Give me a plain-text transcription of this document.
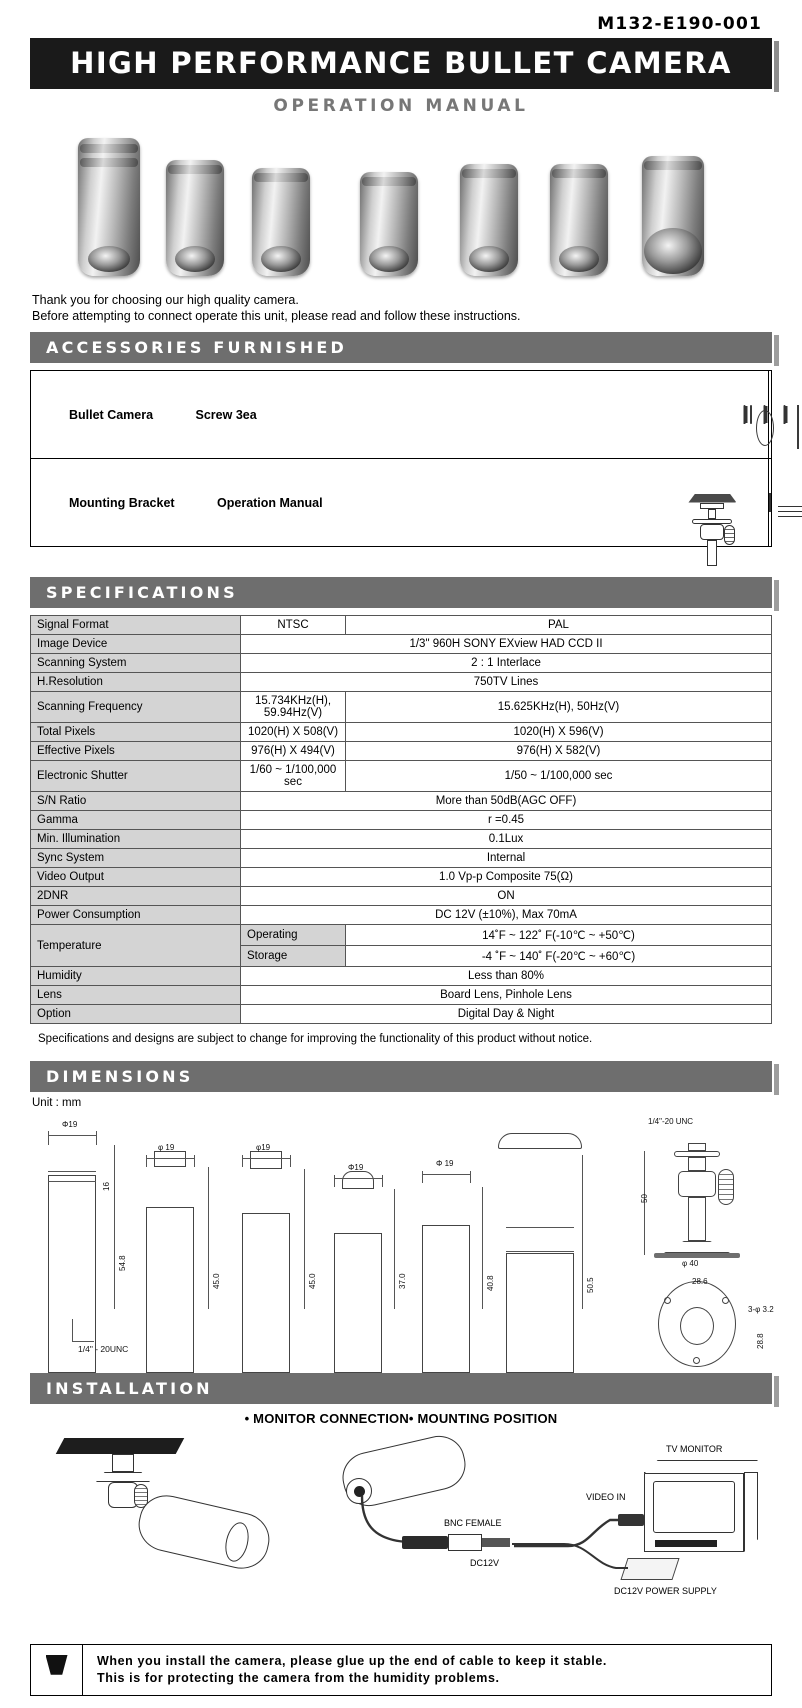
M132-E190-001
HIGH PERFORMANCE BULLET CAMERA
OPERATION MANUAL
Thank you for choosing our high quality camera.
Before attempting to connect operate this unit, please read and follow these instructions.
ACCESSORIES FURNISHED
Bullet Camera Screw 3ea

Mounting Bracket Operation Manual

SPECIFICATIONS
Signal Format	NTSC	PAL
Image Device	1/3" 960H SONY EXview HAD CCD II	
Scanning System	2 : 1 Interlace	
H.Resolution	750TV Lines	
Scanning Frequency	15.734KHz(H), 59.94Hz(V)	15.625KHz(H), 50Hz(V)
Total Pixels	1020(H) X 508(V)	1020(H) X 596(V)
Effective Pixels	976(H) X 494(V)	976(H) X 582(V)
Electronic Shutter	1/60 ~ 1/100,000 sec	1/50 ~ 1/100,000 sec
S/N Ratio	More than 50dB(AGC OFF)	
Gamma	r =0.45	
Min. Illumination	0.1Lux	
Sync System	Internal	
Video Output	1.0 Vp-p Composite 75(Ω)	
2DNR	ON	
Power Consumption	DC 12V (±10%), Max 70mA	
Temperature	Operating	14˚F ~ 122˚ F(-10℃ ~ +50℃)
	Storage	-4 ˚F ~ 140˚ F(-20℃ ~ +60℃)
Humidity	Less than 80%	
Lens	Board Lens, Pinhole Lens	
Option	Digital Day & Night	
Specifications and designs are subject to change for improving the functionality of this product without notice.
DIMENSIONS
Unit : mm
Φ19
16
54.8
φ 19
45.0
φ19
45.0
Φ19
37.0
Φ 19
40.8	50.5
1/4" - 20UNC
1/4"-20 UNC
50
φ 40
28.6
3-φ 3.2
28.8
INSTALLATION
• MONITOR CONNECTION• MOUNTING POSITION
BNC FEMALE
DC12V
TV MONITOR
VIDEO IN
DC12V POWER SUPPLY
When you install the camera, please glue up the end of cable to keep it stable.
This is for protecting the camera from the humidity problems.
